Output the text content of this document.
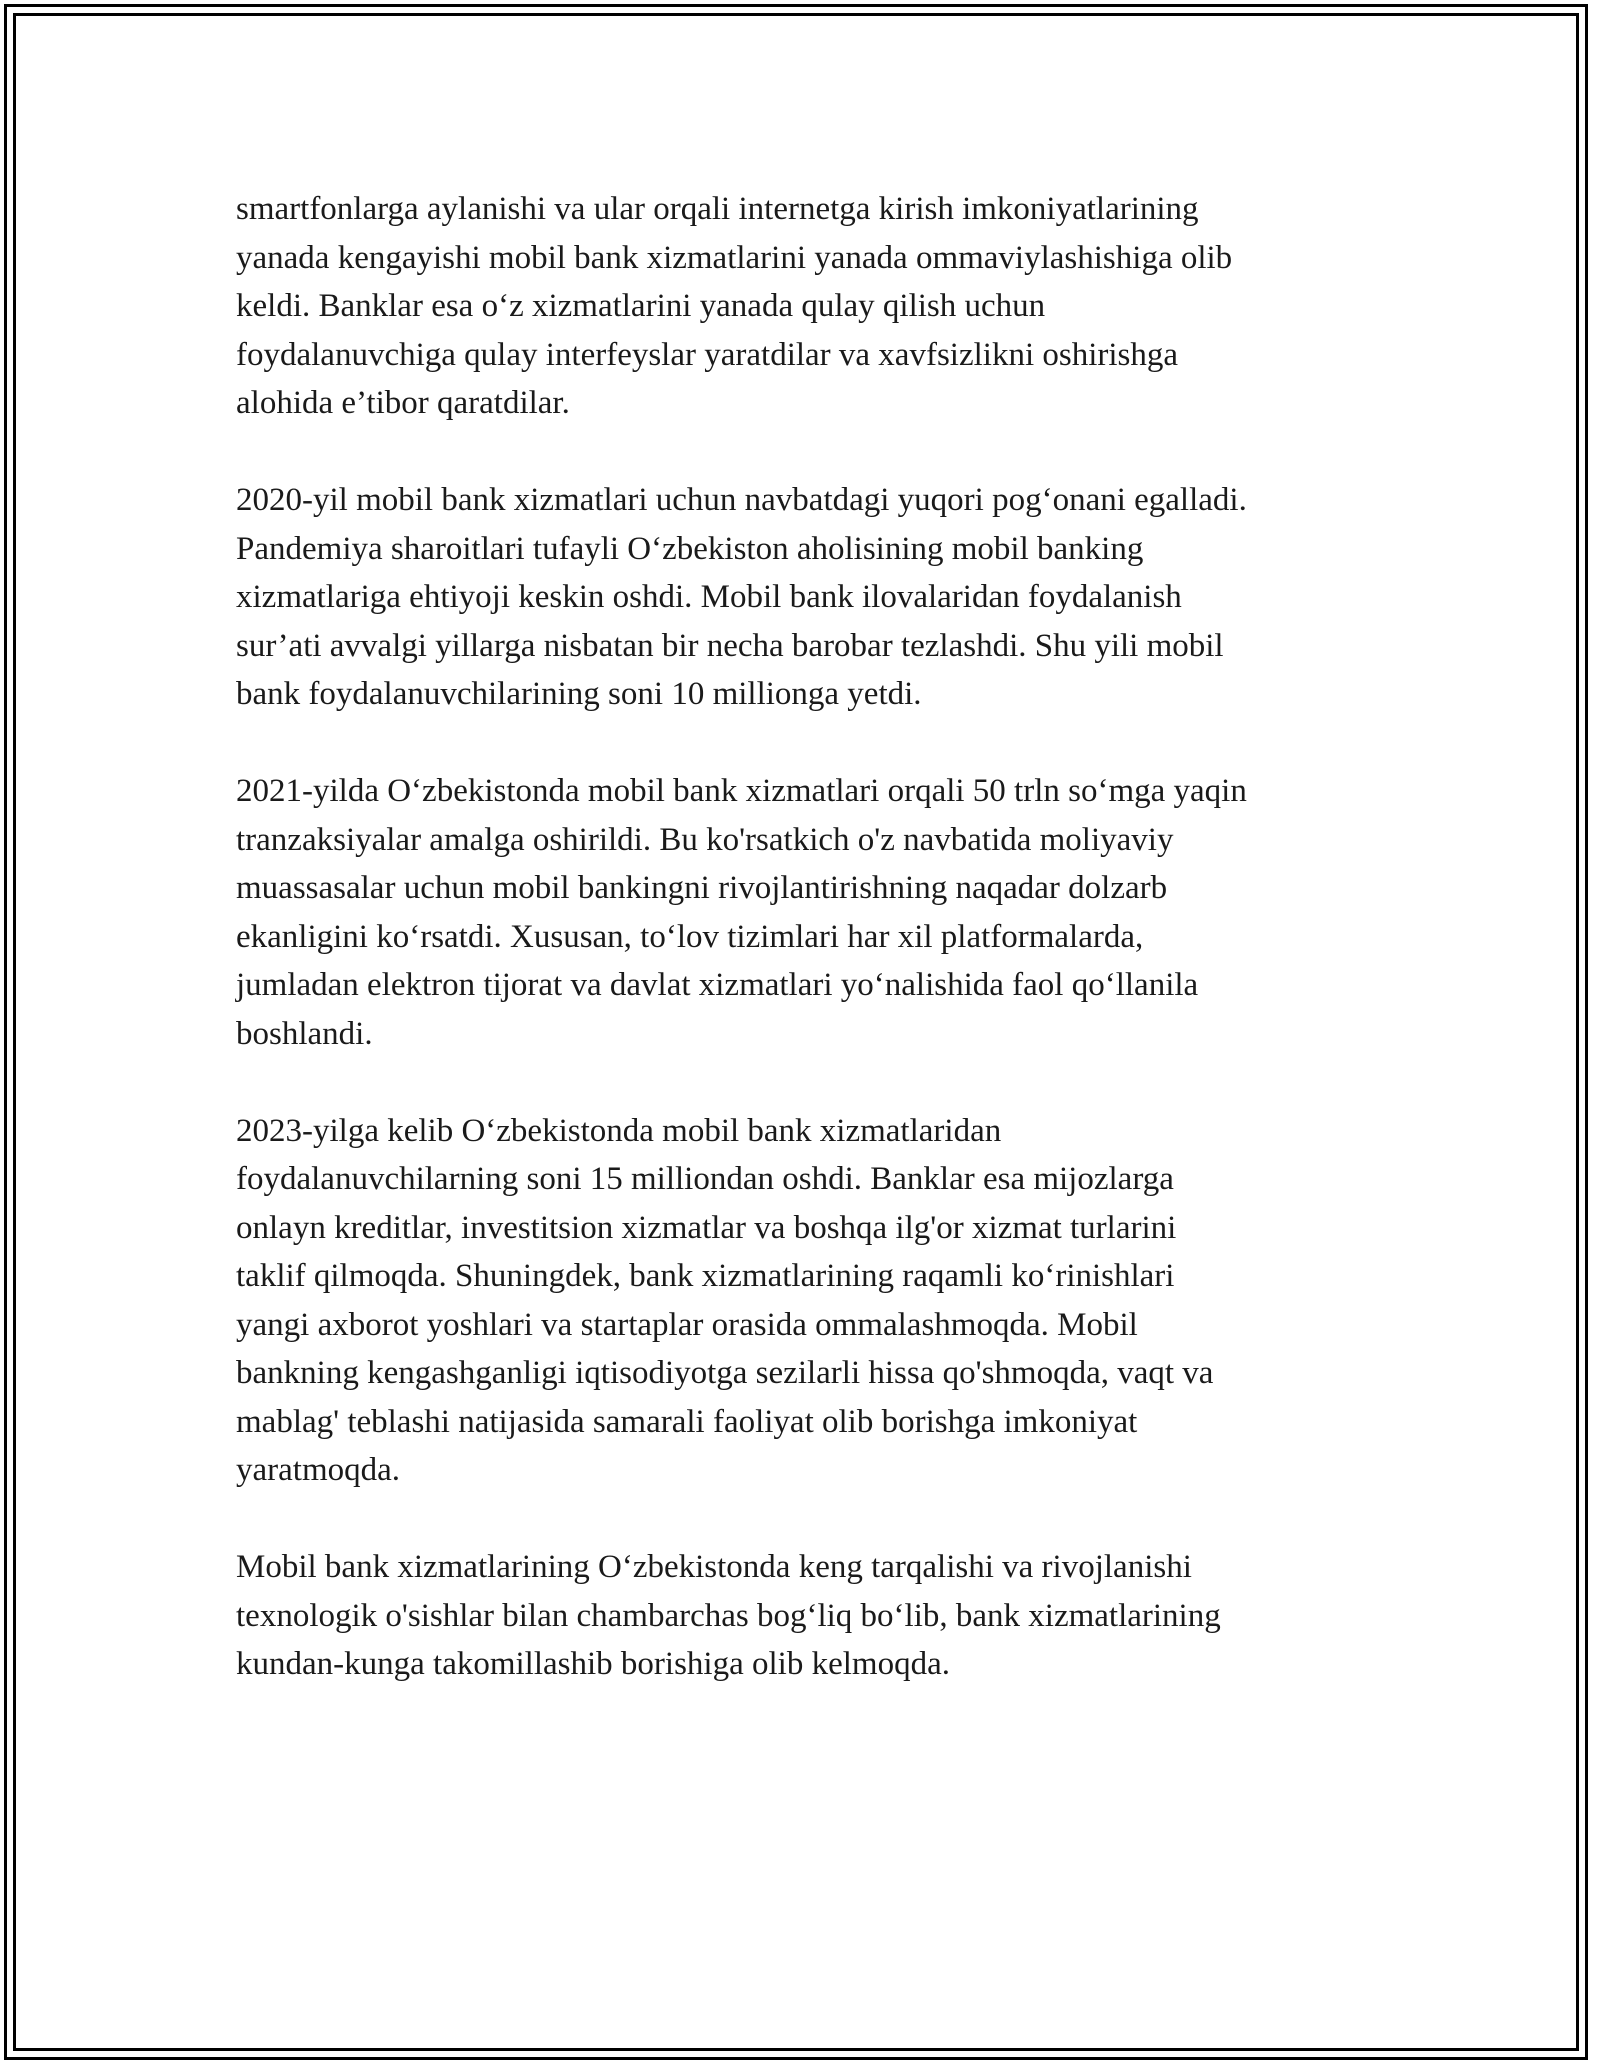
smartfonlarga aylanishi va ular orqali internetga kirish imkoniyatlarining
yanada kengayishi mobil bank xizmatlarini yanada ommaviylashishiga olib
keldi. Banklar esa o‘z xizmatlarini yanada qulay qilish uchun
foydalanuvchiga qulay interfeyslar yaratdilar va xavfsizlikni oshirishga
alohida e’tibor qaratdilar.

2020-yil mobil bank xizmatlari uchun navbatdagi yuqori pog‘onani egalladi.
Pandemiya sharoitlari tufayli O‘zbekiston aholisining mobil banking
xizmatlariga ehtiyoji keskin oshdi. Mobil bank ilovalaridan foydalanish
sur’ati avvalgi yillarga nisbatan bir necha barobar tezlashdi. Shu yili mobil
bank foydalanuvchilarining soni 10 millionga yetdi.

2021-yilda O‘zbekistonda mobil bank xizmatlari orqali 50 trln so‘mga yaqin
tranzaksiyalar amalga oshirildi. Bu ko'rsatkich o'z navbatida moliyaviy
muassasalar uchun mobil bankingni rivojlantirishning naqadar dolzarb
ekanligini ko‘rsatdi. Xususan, to‘lov tizimlari har xil platformalarda,
jumladan elektron tijorat va davlat xizmatlari yo‘nalishida faol qo‘llanila
boshlandi.

2023-yilga kelib O‘zbekistonda mobil bank xizmatlaridan
foydalanuvchilarning soni 15 milliondan oshdi. Banklar esa mijozlarga
onlayn kreditlar, investitsion xizmatlar va boshqa ilg'or xizmat turlarini
taklif qilmoqda. Shuningdek, bank xizmatlarining raqamli ko‘rinishlari
yangi axborot yoshlari va startaplar orasida ommalashmoqda. Mobil
bankning kengashganligi iqtisodiyotga sezilarli hissa qo'shmoqda, vaqt va
mablag' teblashi natijasida samarali faoliyat olib borishga imkoniyat
yaratmoqda.

Mobil bank xizmatlarining O‘zbekistonda keng tarqalishi va rivojlanishi
texnologik o'sishlar bilan chambarchas bog‘liq bo‘lib, bank xizmatlarining
kundan-kunga takomillashib borishiga olib kelmoqda.
